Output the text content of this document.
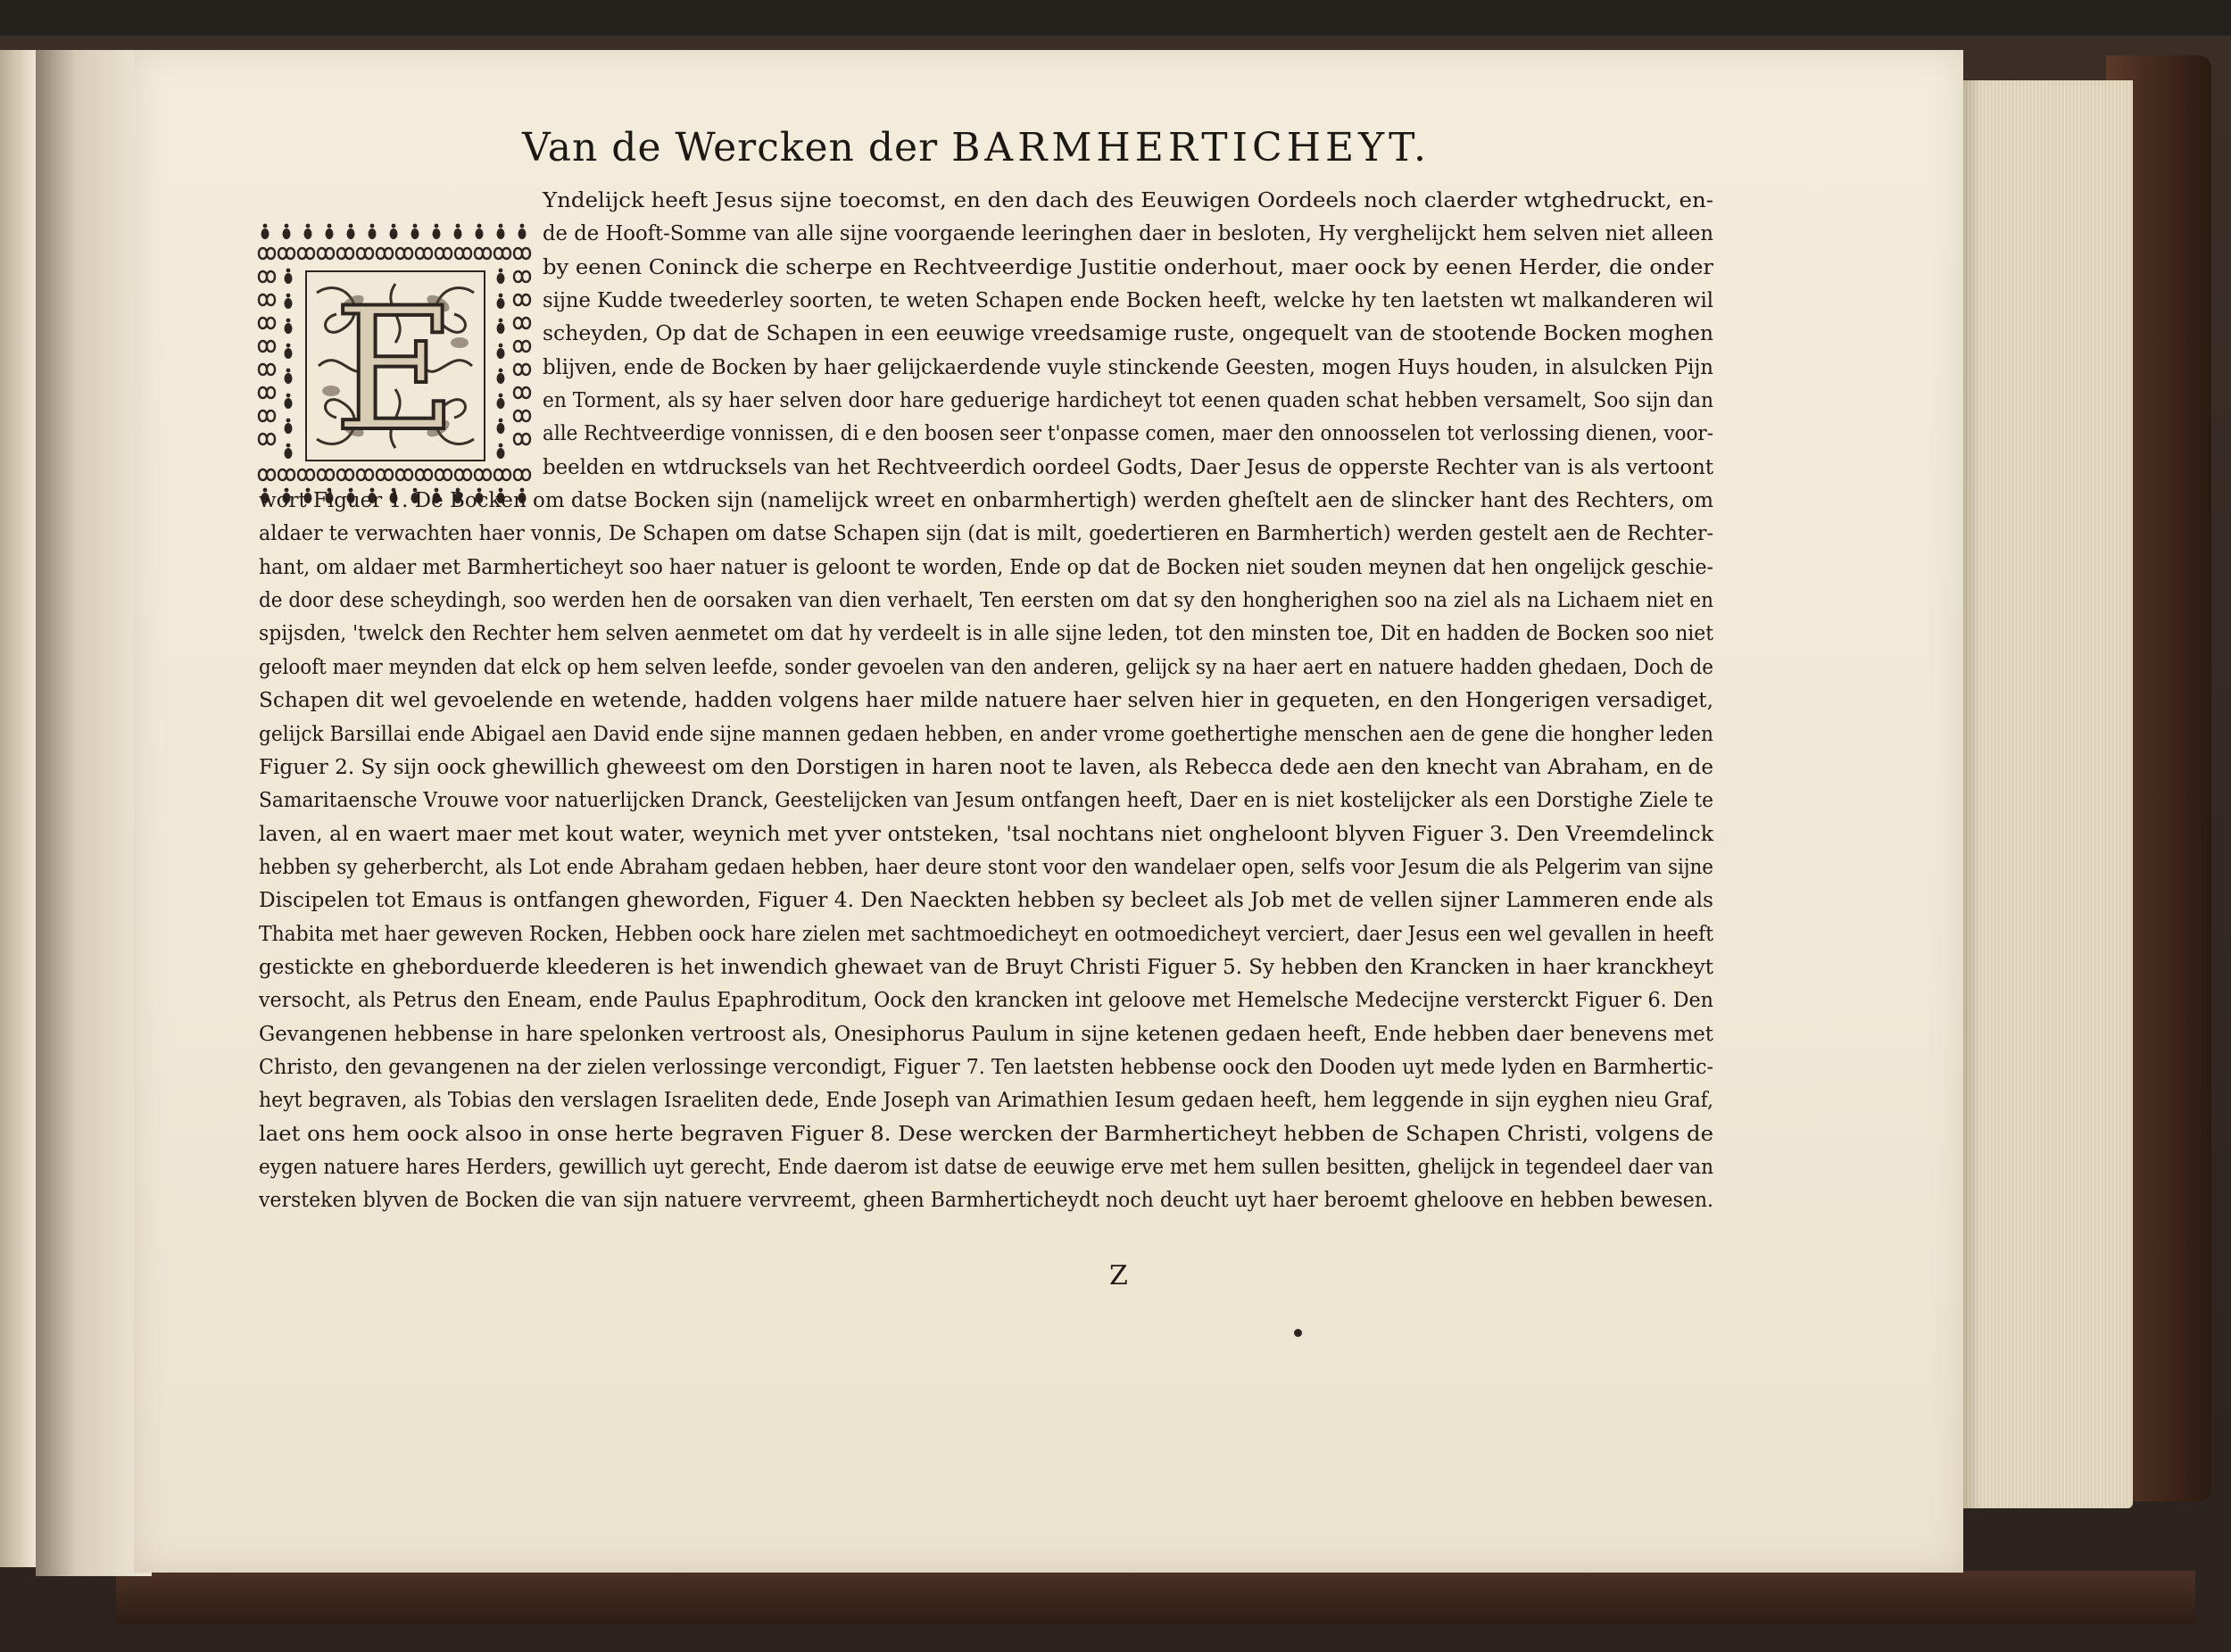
Van de Wercken der BARMHERTICHEYT.
E
Yndelijck heeft Jesus sijne toecomst, en den dach des Eeuwigen Oordeels noch claerder wtghedruckt, en-
de de Hooft-Somme van alle sijne voorgaende leeringhen daer in besloten, Hy verghelijckt hem selven niet alleen
by eenen Coninck die scherpe en Rechtveerdige Justitie onderhout, maer oock by eenen Herder, die onder
sijne Kudde tweederley soorten, te weten Schapen ende Bocken heeft, welcke hy ten laetsten wt malkanderen wil
scheyden, Op dat de Schapen in een eeuwige vreedsamige ruste, ongequelt van de stootende Bocken moghen
blijven, ende de Bocken by haer gelijckaerdende vuyle stinckende Geesten, mogen Huys houden, in alsulcken Pijn
en Torment, als sy haer selven door hare geduerige hardicheyt tot eenen quaden schat hebben versamelt, Soo sijn dan
alle Rechtveerdige vonnissen, di e den boosen seer t'onpasse comen, maer den onnoosselen tot verlossing dienen, voor-
beelden en wtdrucksels van het Rechtveerdich oordeel Godts, Daer Jesus de opperste Rechter van is als vertoont
wort Figuer 1. De Bocken om datse Bocken sijn (namelijck wreet en onbarmhertigh) werden gheſtelt aen de slincker hant des Rechters, om
aldaer te verwachten haer vonnis, De Schapen om datse Schapen sijn (dat is milt, goedertieren en Barmhertich) werden gestelt aen de Rechter-
hant, om aldaer met Barmherticheyt soo haer natuer is geloont te worden, Ende op dat de Bocken niet souden meynen dat hen ongelijck geschie-
de door dese scheydingh, soo werden hen de oorsaken van dien verhaelt, Ten eersten om dat sy den hongherighen soo na ziel als na Lichaem niet en
spijsden, 'twelck den Rechter hem selven aenmetet om dat hy verdeelt is in alle sijne leden, tot den minsten toe, Dit en hadden de Bocken soo niet
gelooft maer meynden dat elck op hem selven leefde, sonder gevoelen van den anderen, gelijck sy na haer aert en natuere hadden ghedaen, Doch de
Schapen dit wel gevoelende en wetende, hadden volgens haer milde natuere haer selven hier in gequeten, en den Hongerigen versadiget,
gelijck Barsillai ende Abigael aen David ende sijne mannen gedaen hebben, en ander vrome goethertighe menschen aen de gene die hongher leden
Figuer 2. Sy sijn oock ghewillich gheweest om den Dorstigen in haren noot te laven, als Rebecca dede aen den knecht van Abraham, en de
Samaritaensche Vrouwe voor natuerlijcken Dranck, Geestelijcken van Jesum ontfangen heeft, Daer en is niet kostelijcker als een Dorstighe Ziele te
laven, al en waert maer met kout water, weynich met yver ontsteken, 'tsal nochtans niet ongheloont blyven Figuer 3. Den Vreemdelinck
hebben sy geherbercht, als Lot ende Abraham gedaen hebben, haer deure stont voor den wandelaer open, selfs voor Jesum die als Pelgerim van sijne
Discipelen tot Emaus is ontfangen gheworden, Figuer 4. Den Naeckten hebben sy becleet als Job met de vellen sijner Lammeren ende als
Thabita met haer geweven Rocken, Hebben oock hare zielen met sachtmoedicheyt en ootmoedicheyt verciert, daer Jesus een wel gevallen in heeft
gestickte en gheborduerde kleederen is het inwendich ghewaet van de Bruyt Christi Figuer 5. Sy hebben den Krancken in haer kranckheyt
versocht, als Petrus den Eneam, ende Paulus Epaphroditum, Oock den krancken int geloove met Hemelsche Medecijne versterckt Figuer 6. Den
Gevangenen hebbense in hare spelonken vertroost als, Onesiphorus Paulum in sijne ketenen gedaen heeft, Ende hebben daer benevens met
Christo, den gevangenen na der zielen verlossinge vercondigt, Figuer 7. Ten laetsten hebbense oock den Dooden uyt mede lyden en Barmhertic-
heyt begraven, als Tobias den verslagen Israeliten dede, Ende Joseph van Arimathien Iesum gedaen heeft, hem leggende in sijn eyghen nieu Graf,
laet ons hem oock alsoo in onse herte begraven Figuer 8. Dese wercken der Barmherticheyt hebben de Schapen Christi, volgens de
eygen natuere hares Herders, gewillich uyt gerecht, Ende daerom ist datse de eeuwige erve met hem sullen besitten, ghelijck in tegendeel daer van
versteken blyven de Bocken die van sijn natuere vervreemt, gheen Barmherticheydt noch deucht uyt haer beroemt gheloove en hebben bewesen.
Z
